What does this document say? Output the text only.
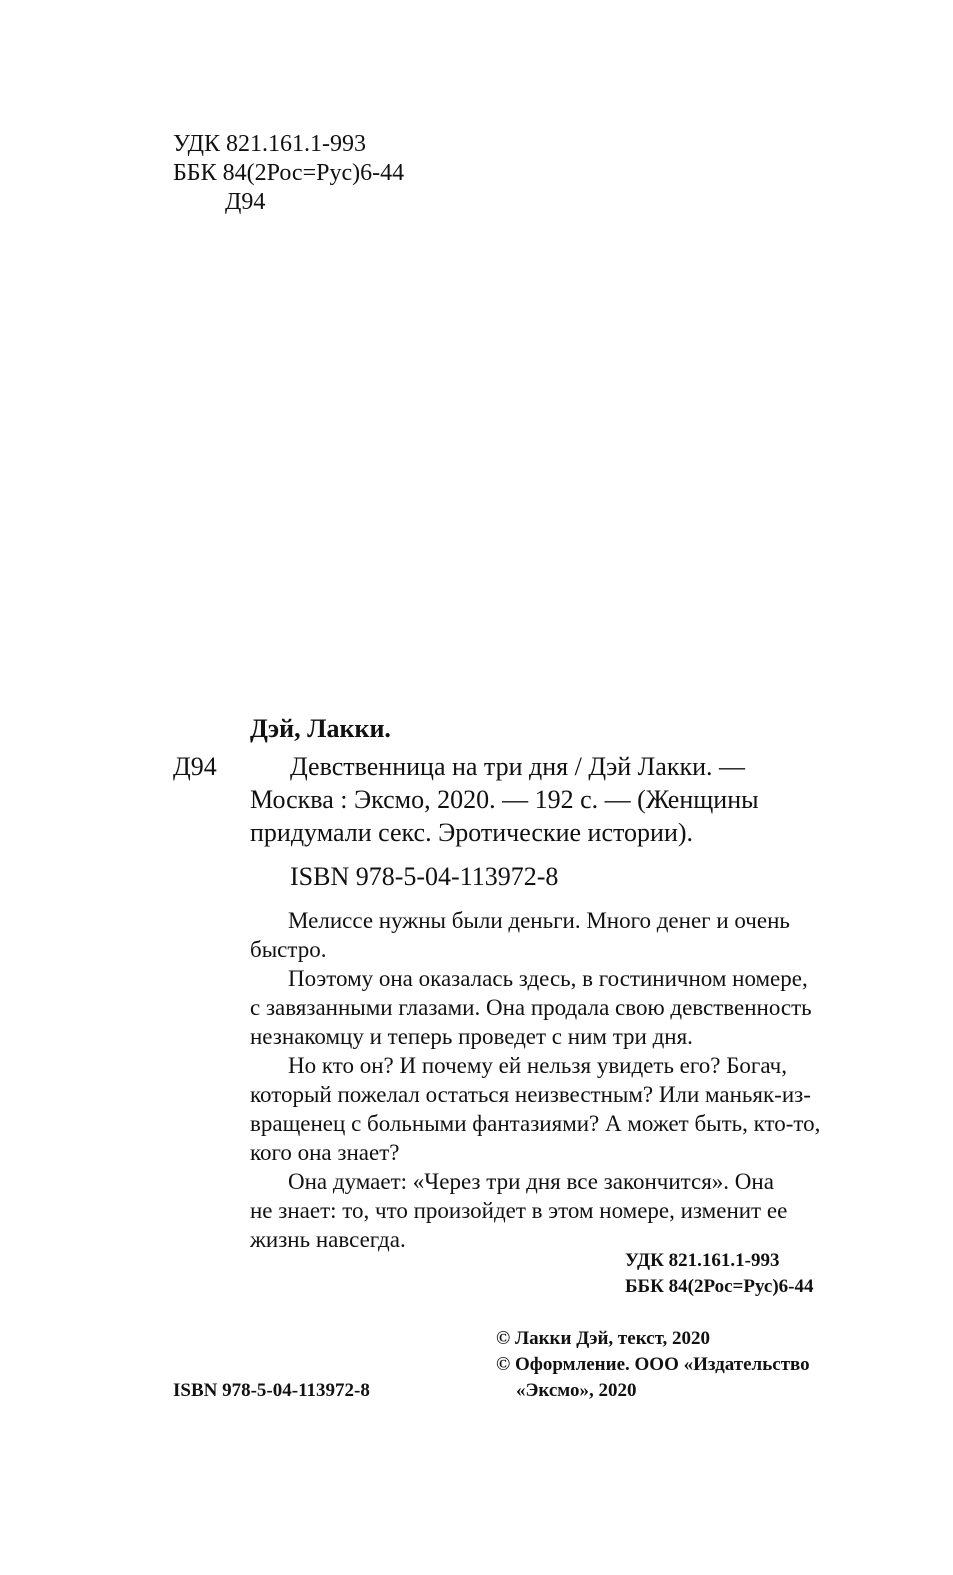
УДК 821.161.1-993
ББК 84(2Рос=Рус)6-44
Д94
Дэй, Лакки.
Д94	Девственница на три дня / Дэй Лакки. —
Москва : Эксмо, 2020. — 192 с. — (Женщины
придумали секс. Эротические истории).
ISBN 978-5-04-113972-8
Мелиссе нужны были деньги. Много денег и очень
быстро.
Поэтому она оказалась здесь, в гостиничном номере,
с завязанными глазами. Она продала свою девственность
незнакомцу и теперь проведет с ним три дня.
Но кто он? И почему ей нельзя увидеть его? Богач,
который пожелал остаться неизвестным? Или маньяк-из-
вращенец с больными фантазиями? А может быть, кто-то,
кого она знает?
Она думает: «Через три дня все закончится». Она
не знает: то, что произойдет в этом номере, изменит ее
жизнь навсегда.
УДК 821.161.1-993
ББК 84(2Рос=Рус)6-44
ISBN 978-5-04-113972-8
© Лакки Дэй, текст, 2020
© Оформление. ООО «Издательство
«Эксмо», 2020
